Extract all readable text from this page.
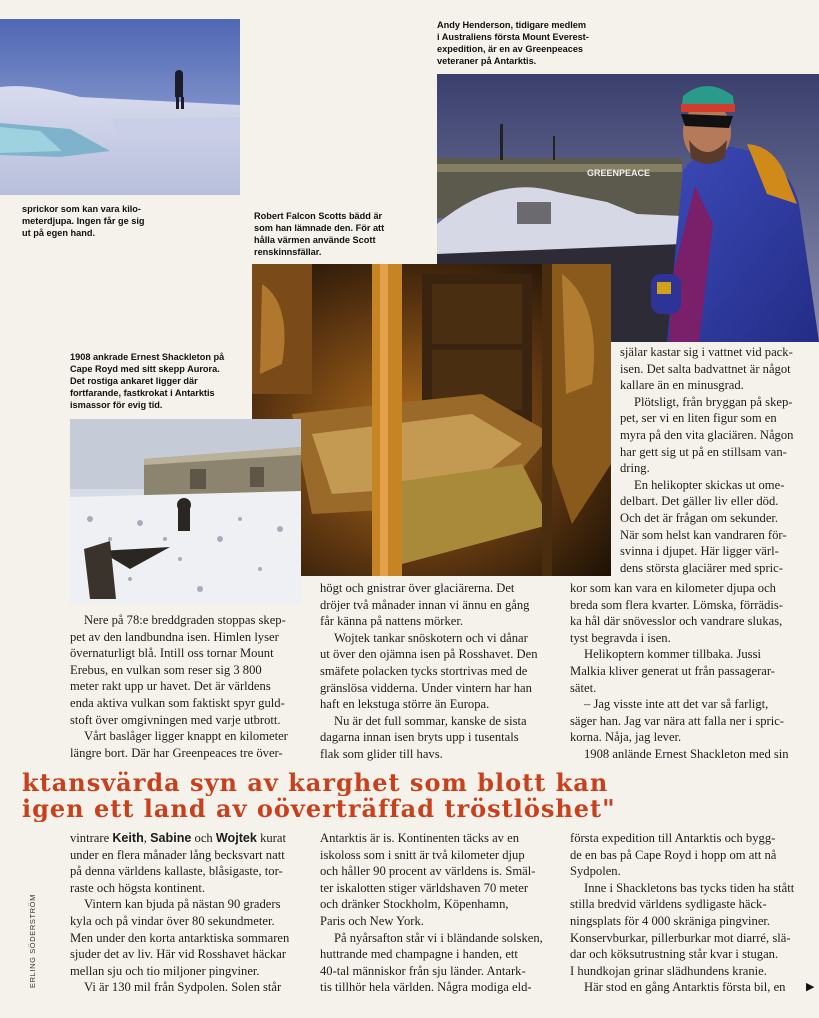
sprickor som kan vara kilo-
meterdjupa. Ingen får ge sig
ut på egen hand.
Andy Henderson, tidigare medlem
i Australiens första Mount Everest-
expedition, är en av Greenpeaces
veteraner på Antarktis.
GREENPEACE
Robert Falcon Scotts bädd är
som han lämnade den. För att
hålla värmen använde Scott
renskinnsfällar.
1908 ankrade Ernest Shackleton på
Cape Royd med sitt skepp Aurora.
Det rostiga ankaret ligger där
fortfarande, fastkrokat i Antarktis
ismassor för evig tid.

Nere på 78:e breddgraden stoppas skep-
pet av den landbundna isen. Himlen lyser
övernaturligt blå. Intill oss tornar Mount
Erebus, en vulkan som reser sig 3 800
meter rakt upp ur havet. Det är världens
enda aktiva vulkan som faktiskt spyr guld-
stoft över omgivningen med varje utbrott.

Vårt baslåger ligger knappt en kilometer
längre bort. Där har Greenpeaces tre över-

högt och gnistrar över glaciärerna. Det
dröjer två månader innan vi ännu en gång
får känna på nattens mörker.

Wojtek tankar snöskotern och vi dånar
ut över den ojämna isen på Rosshavet. Den
smäfete polacken tycks stortrivas med de
gränslösa vidderna. Under vintern har han
haft en lekstuga större än Europa.

Nu är det full sommar, kanske de sista
dagarna innan isen bryts upp i tusentals
flak som glider till havs.

själar kastar sig i vattnet vid pack-
isen. Det salta badvattnet är något
kallare än en minusgrad.

Plötsligt, från bryggan på skep-
pet, ser vi en liten figur som en
myra på den vita glaciären. Någon
har gett sig ut på en stillsam van-
dring.

En helikopter skickas ut ome-
delbart. Det gäller liv eller död.
Och det är frågan om sekunder.
När som helst kan vandraren för-
svinna i djupet. Här ligger värl-
dens största glaciärer med spric-

kor som kan vara en kilometer djupa och
breda som flera kvarter. Lömska, förrädis-
ka hål där snövesslor och vandrare slukas,
tyst begravda i isen.

Helikoptern kommer tillbaka. Jussi
Malkia kliver generat ut från passagerar-
sätet.

– Jag visste inte att det var så farligt,
säger han. Jag var nära att falla ner i spric-
korna. Nåja, jag lever.

1908 anlände Ernest Shackleton med sin

ktansvärda syn av karghet som blott kan
igen ett land av oöverträffad tröstlöshet"

vintrare Keith, Sabine och Wojtek kurat
under en flera månader lång becksvart natt
på denna världens kallaste, blåsigaste, tor-
raste och högsta kontinent.

Vintern kan bjuda på nästan 90 graders
kyla och på vindar över 80 sekundmeter.
Men under den korta antarktiska sommaren
sjuder det av liv. Här vid Rosshavet häckar
mellan sju och tio miljoner pingviner.

Vi är 130 mil från Sydpolen. Solen står

Antarktis är is. Kontinenten täcks av en
iskoloss som i snitt är två kilometer djup
och håller 90 procent av världens is. Smäl-
ter iskalotten stiger världshaven 70 meter
och dränker Stockholm, Köpenhamn,
Paris och New York.

På nyårsafton står vi i bländande solsken,
huttrande med champagne i handen, ett
40-tal människor från sju länder. Antark-
tis tillhör hela världen. Några modiga eld-

första expedition till Antarktis och bygg-
de en bas på Cape Royd i hopp om att nå
Sydpolen.

Inne i Shackletons bas tycks tiden ha stått
stilla bredvid världens sydligaste häck-
ningsplats för 4 000 skräniga pingviner.
Konservburkar, pillerburkar mot diarré, slä-
dar och köksutrustning står kvar i stugan.
I hundkojan grinar slädhundens kranie.

Här stod en gång Antarktis första bil, en

ERLING SÖDERSTRÖM	▶
